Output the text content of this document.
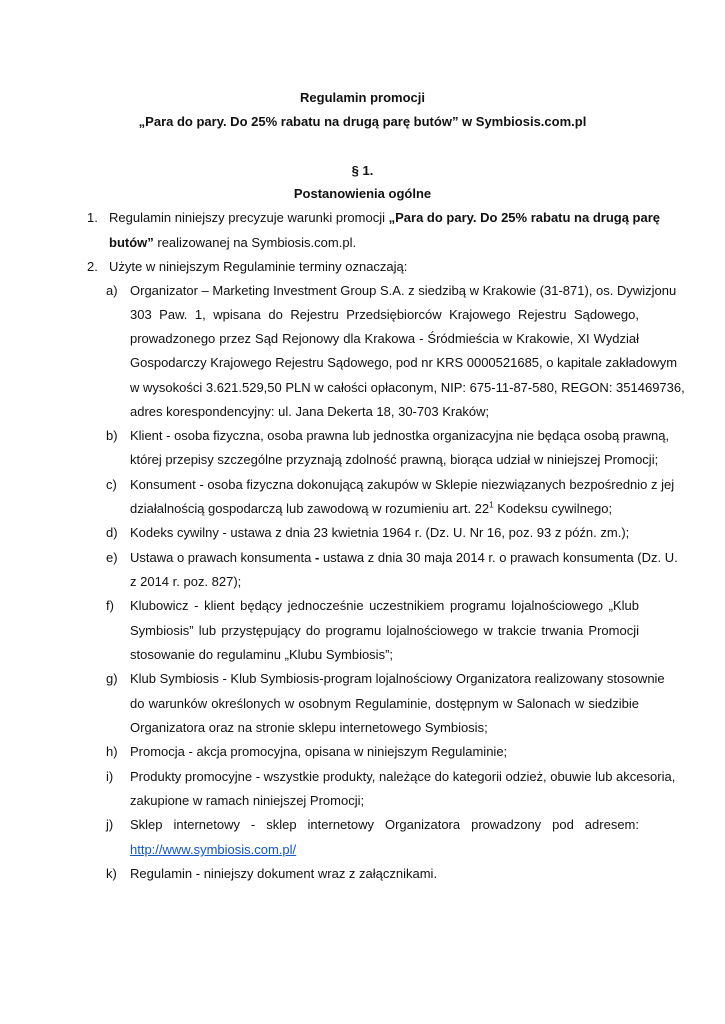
Regulamin promocji
„Para do pary. Do 25% rabatu na drugą parę butów” w Symbiosis.com.pl
§ 1.
Postanowienia ogólne
1. Regulamin niniejszy precyzuje warunki promocji „Para do pary. Do 25% rabatu na drugą parę
butów” realizowanej na Symbiosis.com.pl.
2. Użyte w niniejszym Regulaminie terminy oznaczają:
a) Organizator – Marketing Investment Group S.A. z siedzibą w Krakowie (31-871), os. Dywizjonu
303 Paw. 1, wpisana do Rejestru Przedsiębiorców Krajowego Rejestru Sądowego,
prowadzonego przez Sąd Rejonowy dla Krakowa - Śródmieścia w Krakowie, XI Wydział
Gospodarczy Krajowego Rejestru Sądowego, pod nr KRS 0000521685, o kapitale zakładowym
w wysokości 3.621.529,50 PLN w całości opłaconym, NIP: 675-11-87-580, REGON: 351469736,
adres korespondencyjny: ul. Jana Dekerta 18, 30-703 Kraków;
b) Klient - osoba fizyczna, osoba prawna lub jednostka organizacyjna nie będąca osobą prawną,
której przepisy szczególne przyznają zdolność prawną, biorąca udział w niniejszej Promocji;
c) Konsument - osoba fizyczna dokonującą zakupów w Sklepie niezwiązanych bezpośrednio z jej
działalnością gospodarczą lub zawodową w rozumieniu art. $22^1$ Kodeksu cywilnego;
d) Kodeks cywilny - ustawa z dnia 23 kwietnia 1964 r. (Dz. U. Nr 16, poz. 93 z późn. zm.);
e) Ustawa o prawach konsumenta - ustawa z dnia 30 maja 2014 r. o prawach konsumenta (Dz. U.
z 2014 r. poz. 827);
f) Klubowicz - klient będący jednocześnie uczestnikiem programu lojalnościowego „Klub
Symbiosis” lub przystępujący do programu lojalnościowego w trakcie trwania Promocji
stosowanie do regulaminu „Klubu Symbiosis”;
g) Klub Symbiosis - Klub Symbiosis-program lojalnościowy Organizatora realizowany stosownie
do warunków określonych w osobnym Regulaminie, dostępnym w Salonach w siedzibie
Organizatora oraz na stronie sklepu internetowego Symbiosis;
h) Promocja - akcja promocyjna, opisana w niniejszym Regulaminie;
i) Produkty promocyjne - wszystkie produkty, należące do kategorii odzież, obuwie lub akcesoria,
zakupione w ramach niniejszej Promocji;
j) Sklep internetowy - sklep internetowy Organizatora prowadzony pod adresem:
http://www.symbiosis.com.pl/
k) Regulamin - niniejszy dokument wraz z załącznikami.
